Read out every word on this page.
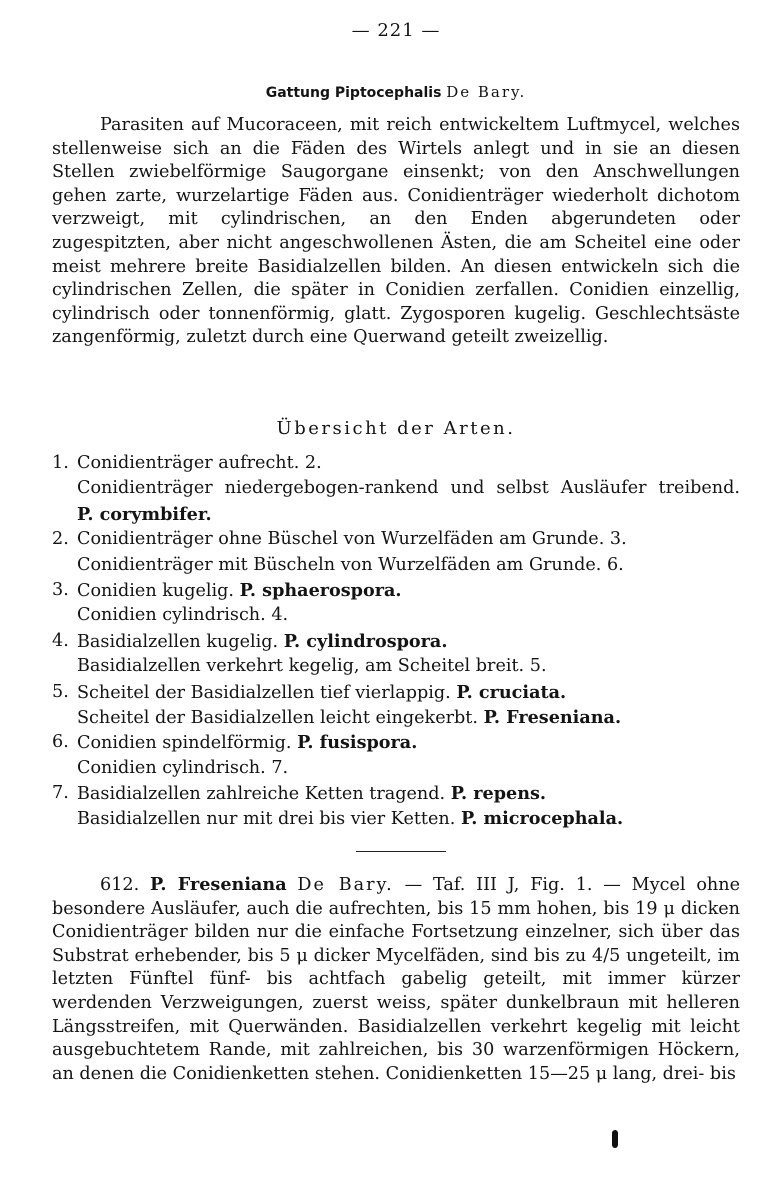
— 221 —
Gattung Piptocephalis De Bary.

Parasiten auf Mucoraceen, mit reich entwickeltem Luftmycel, welches stellenweise sich an die Fäden des Wirtels anlegt und in sie an diesen Stellen zwiebelförmige Saugorgane einsenkt; von den Anschwellungen gehen zarte, wurzelartige Fäden aus. Conidienträger wiederholt dichotom verzweigt, mit cylindrischen, an den Enden abgerundeten oder zugespitzten, aber nicht angeschwollenen Ästen, die am Scheitel eine oder meist mehrere breite Basidialzellen bilden. An diesen entwickeln sich die cylindrischen Zellen, die später in Conidien zerfallen. Conidien einzellig, cylindrisch oder tonnenförmig, glatt. Zygosporen kugelig. Geschlechtsäste zangenförmig, zuletzt durch eine Querwand geteilt zweizellig.

Übersicht der Arten.
1. Conidienträger aufrecht. 2.
Conidienträger niedergebogen-rankend und selbst Ausläufer treibend.
P. corymbifer.
2. Conidienträger ohne Büschel von Wurzelfäden am Grunde. 3.
Conidienträger mit Büscheln von Wurzelfäden am Grunde. 6.
3. Conidien kugelig. P. sphaerospora.
Conidien cylindrisch. 4.
4. Basidialzellen kugelig. P. cylindrospora.
Basidialzellen verkehrt kegelig, am Scheitel breit. 5.
5. Scheitel der Basidialzellen tief vierlappig. P. cruciata.
Scheitel der Basidialzellen leicht eingekerbt. P. Freseniana.
6. Conidien spindelförmig. P. fusispora.
Conidien cylindrisch. 7.
7. Basidialzellen zahlreiche Ketten tragend. P. repens.
Basidialzellen nur mit drei bis vier Ketten. P. microcephala.

612. P. Freseniana De Bary. — Taf. III J, Fig. 1. — Mycel ohne besondere Ausläufer, auch die aufrechten, bis 15 mm hohen, bis 19 μ dicken Conidienträger bilden nur die einfache Fortsetzung einzelner, sich über das Substrat erhebender, bis 5 μ dicker Mycelfäden, sind bis zu 4/5 ungeteilt, im letzten Fünftel fünf- bis achtfach gabelig geteilt, mit immer kürzer werdenden Verzweigungen, zuerst weiss, später dunkelbraun mit helleren Längsstreifen, mit Querwänden. Basidialzellen verkehrt kegelig mit leicht ausgebuchtetem Rande, mit zahlreichen, bis 30 warzenförmigen Höckern, an denen die Conidienketten stehen. Conidienketten 15—25 μ lang, drei- bis
